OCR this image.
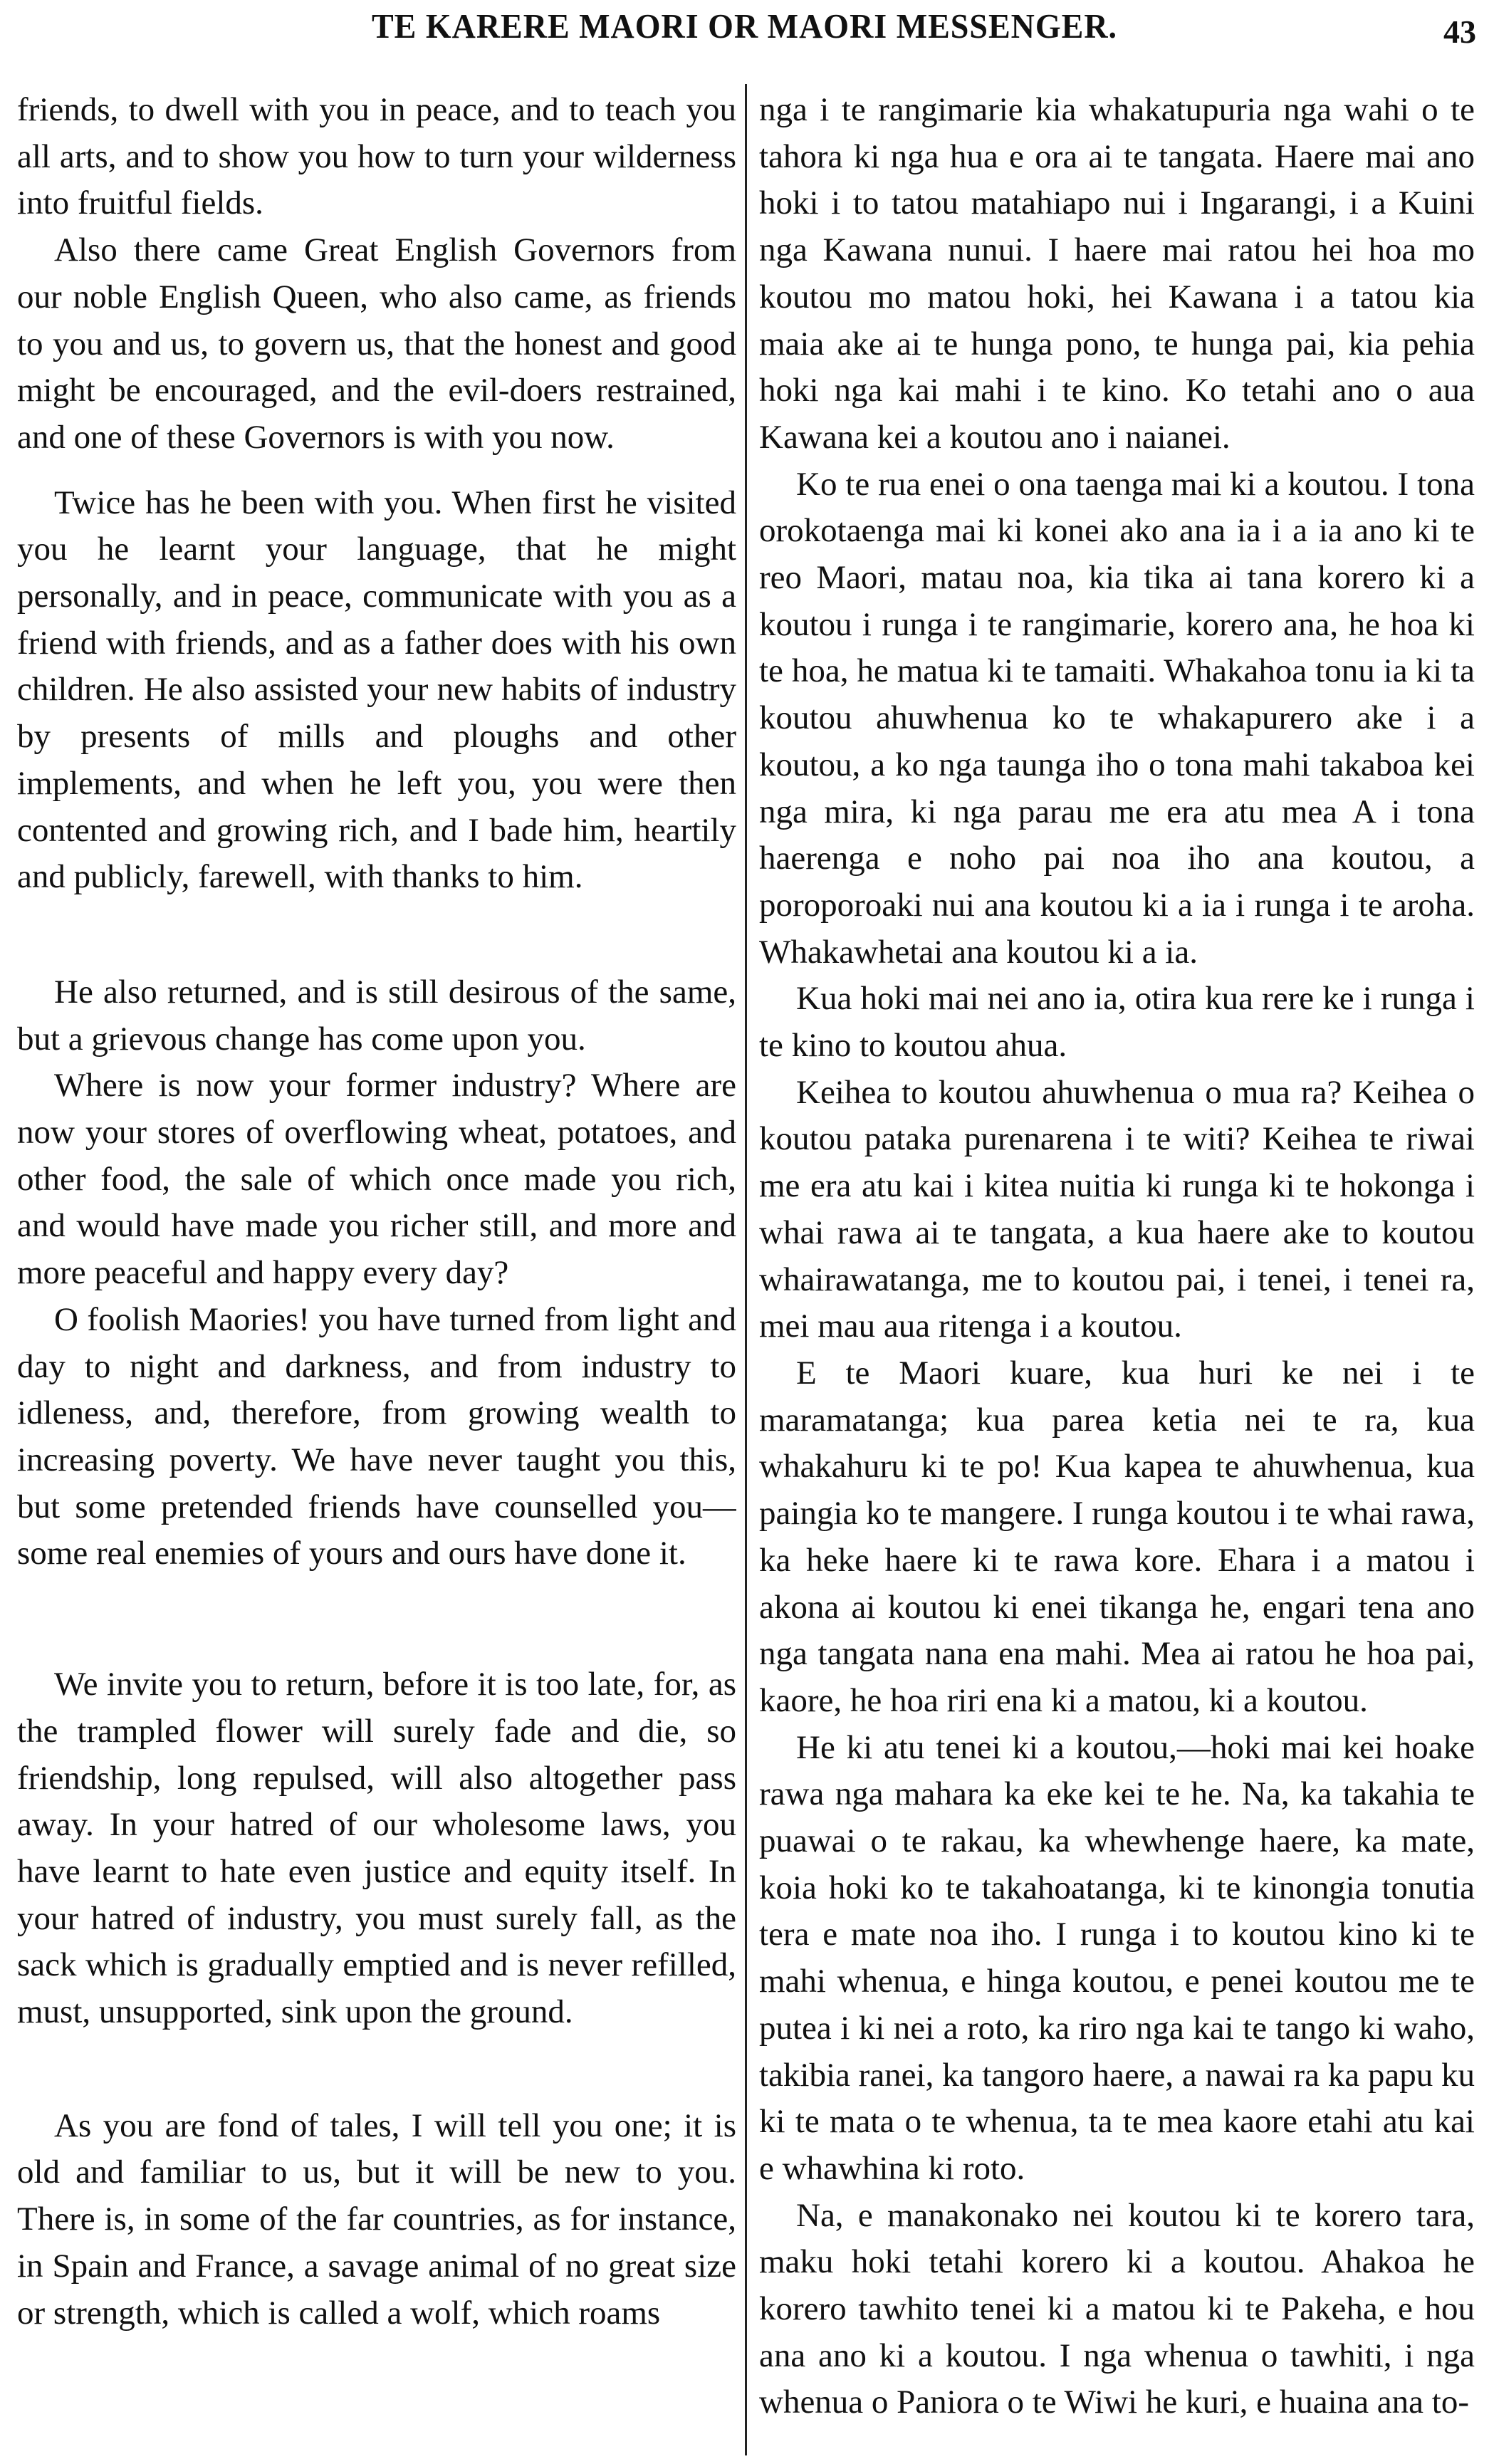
TE KARERE MAORI OR MAORI MESSENGER.	43

friends, to dwell with you in peace, and to teach you all arts, and to show you how to turn your wilderness into fruitful fields.

Also there came Great English Governors from our noble English Queen, who also came, as friends to you and us, to govern us, that the honest and good might be encouraged, and the evil-doers restrained, and one of these Governors is with you now.

Twice has he been with you. When first he visited you he learnt your language, that he might personally, and in peace, communicate with you as a friend with friends, and as a father does with his own children. He also assisted your new habits of industry by presents of mills and ploughs and other implements, and when he left you, you were then contented and growing rich, and I bade him, heartily and publicly, farewell, with thanks to him.

He also returned, and is still desirous of the same, but a grievous change has come upon you.

Where is now your former industry? Where are now your stores of overflowing wheat, potatoes, and other food, the sale of which once made you rich, and would have made you richer still, and more and more peaceful and happy every day?

O foolish Maories! you have turned from light and day to night and darkness, and from industry to idleness, and, therefore, from growing wealth to increasing poverty. We have never taught you this, but some pretended friends have counselled you—some real enemies of yours and ours have done it.

We invite you to return, before it is too late, for, as the trampled flower will surely fade and die, so friendship, long repulsed, will also altogether pass away. In your hatred of our wholesome laws, you have learnt to hate even justice and equity itself. In your hatred of industry, you must surely fall, as the sack which is gradually emptied and is never refilled, must, unsupported, sink upon the ground.

As you are fond of tales, I will tell you one; it is old and familiar to us, but it will be new to you. There is, in some of the far countries, as for instance, in Spain and France, a savage animal of no great size or strength, which is called a wolf, which roams

nga i te rangimarie kia whakatupuria nga wahi o te tahora ki nga hua e ora ai te tangata. Haere mai ano hoki i to tatou matahiapo nui i Ingarangi, i a Kuini nga Kawana nunui. I haere mai ratou hei hoa mo koutou mo matou hoki, hei Kawana i a tatou kia maia ake ai te hunga pono, te hunga pai, kia pehia hoki nga kai mahi i te kino. Ko tetahi ano o aua Kawana kei a koutou ano i naianei.

Ko te rua enei o ona taenga mai ki a koutou. I tona orokotaenga mai ki konei ako ana ia i a ia ano ki te reo Maori, matau noa, kia tika ai tana korero ki a koutou i runga i te rangimarie, korero ana, he hoa ki te hoa, he matua ki te tamaiti. Whakahoa tonu ia ki ta koutou ahuwhenua ko te whakapurero ake i a koutou, a ko nga taunga iho o tona mahi takaboa kei nga mira, ki nga parau me era atu mea A i tona haerenga e noho pai noa iho ana koutou, a poroporoaki nui ana koutou ki a ia i runga i te aroha. Whakawhetai ana koutou ki a ia.

Kua hoki mai nei ano ia, otira kua rere ke i runga i te kino to koutou ahua.

Keihea to koutou ahuwhenua o mua ra? Keihea o koutou pataka purenarena i te witi? Keihea te riwai me era atu kai i kitea nuitia ki runga ki te hokonga i whai rawa ai te tangata, a kua haere ake to koutou whairawatanga, me to koutou pai, i tenei, i tenei ra, mei mau aua ritenga i a koutou.

E te Maori kuare, kua huri ke nei i te maramatanga; kua parea ketia nei te ra, kua whakahuru ki te po! Kua kapea te ahuwhenua, kua paingia ko te mangere. I runga koutou i te whai rawa, ka heke haere ki te rawa kore. Ehara i a matou i akona ai koutou ki enei tikanga he, engari tena ano nga tangata nana ena mahi. Mea ai ratou he hoa pai, kaore, he hoa riri ena ki a matou, ki a koutou.

He ki atu tenei ki a koutou,—hoki mai kei hoake rawa nga mahara ka eke kei te he. Na, ka takahia te puawai o te rakau, ka whewhenge haere, ka mate, koia hoki ko te takahoatanga, ki te kinongia tonutia tera e mate noa iho. I runga i to koutou kino ki te mahi whenua, e hinga koutou, e penei koutou me te putea i ki nei a roto, ka riro nga kai te tango ki waho, takibia ranei, ka tangoro haere, a nawai ra ka papu ku ki te mata o te whenua, ta te mea kaore etahi atu kai e whawhina ki roto.

Na, e manakonako nei koutou ki te korero tara, maku hoki tetahi korero ki a koutou. Ahakoa he korero tawhito tenei ki a matou ki te Pakeha, e hou ana ano ki a koutou. I nga whenua o tawhiti, i nga whenua o Paniora o te Wiwi he kuri, e huaina ana to-
